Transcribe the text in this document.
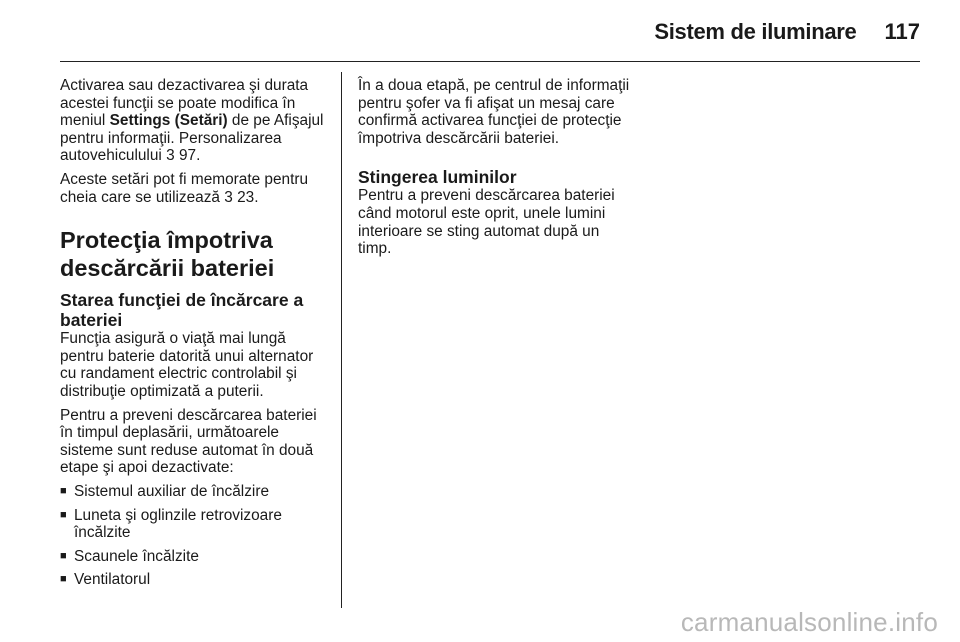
Sistem de iluminare 117

Activarea sau dezactivarea şi durata acestei funcţii se poate modifica în meniul Settings (Setări) de pe Afişajul pentru informaţii. Personalizarea autovehiculului 3 97.

Aceste setări pot fi memorate pentru cheia care se utilizează 3 23.

Protecţia împotriva descărcării bateriei
Starea funcţiei de încărcare a bateriei

Funcţia asigură o viaţă mai lungă pentru baterie datorită unui alternator cu randament electric controlabil şi distribuţie optimizată a puterii.

Pentru a preveni descărcarea bateriei în timpul deplasării, următoarele sisteme sunt reduse automat în două etape şi apoi dezactivate:

■ Sistemul auxiliar de încălzire
■ Luneta şi oglinzile retrovizoare încălzite
■ Scaunele încălzite
■ Ventilatorul

În a doua etapă, pe centrul de informaţii pentru şofer va fi afişat un mesaj care confirmă activarea funcţiei de protecţie împotriva descărcării bateriei.

Stingerea luminilor

Pentru a preveni descărcarea bateriei când motorul este oprit, unele lumini interioare se sting automat după un timp.

carmanualsonline.info
